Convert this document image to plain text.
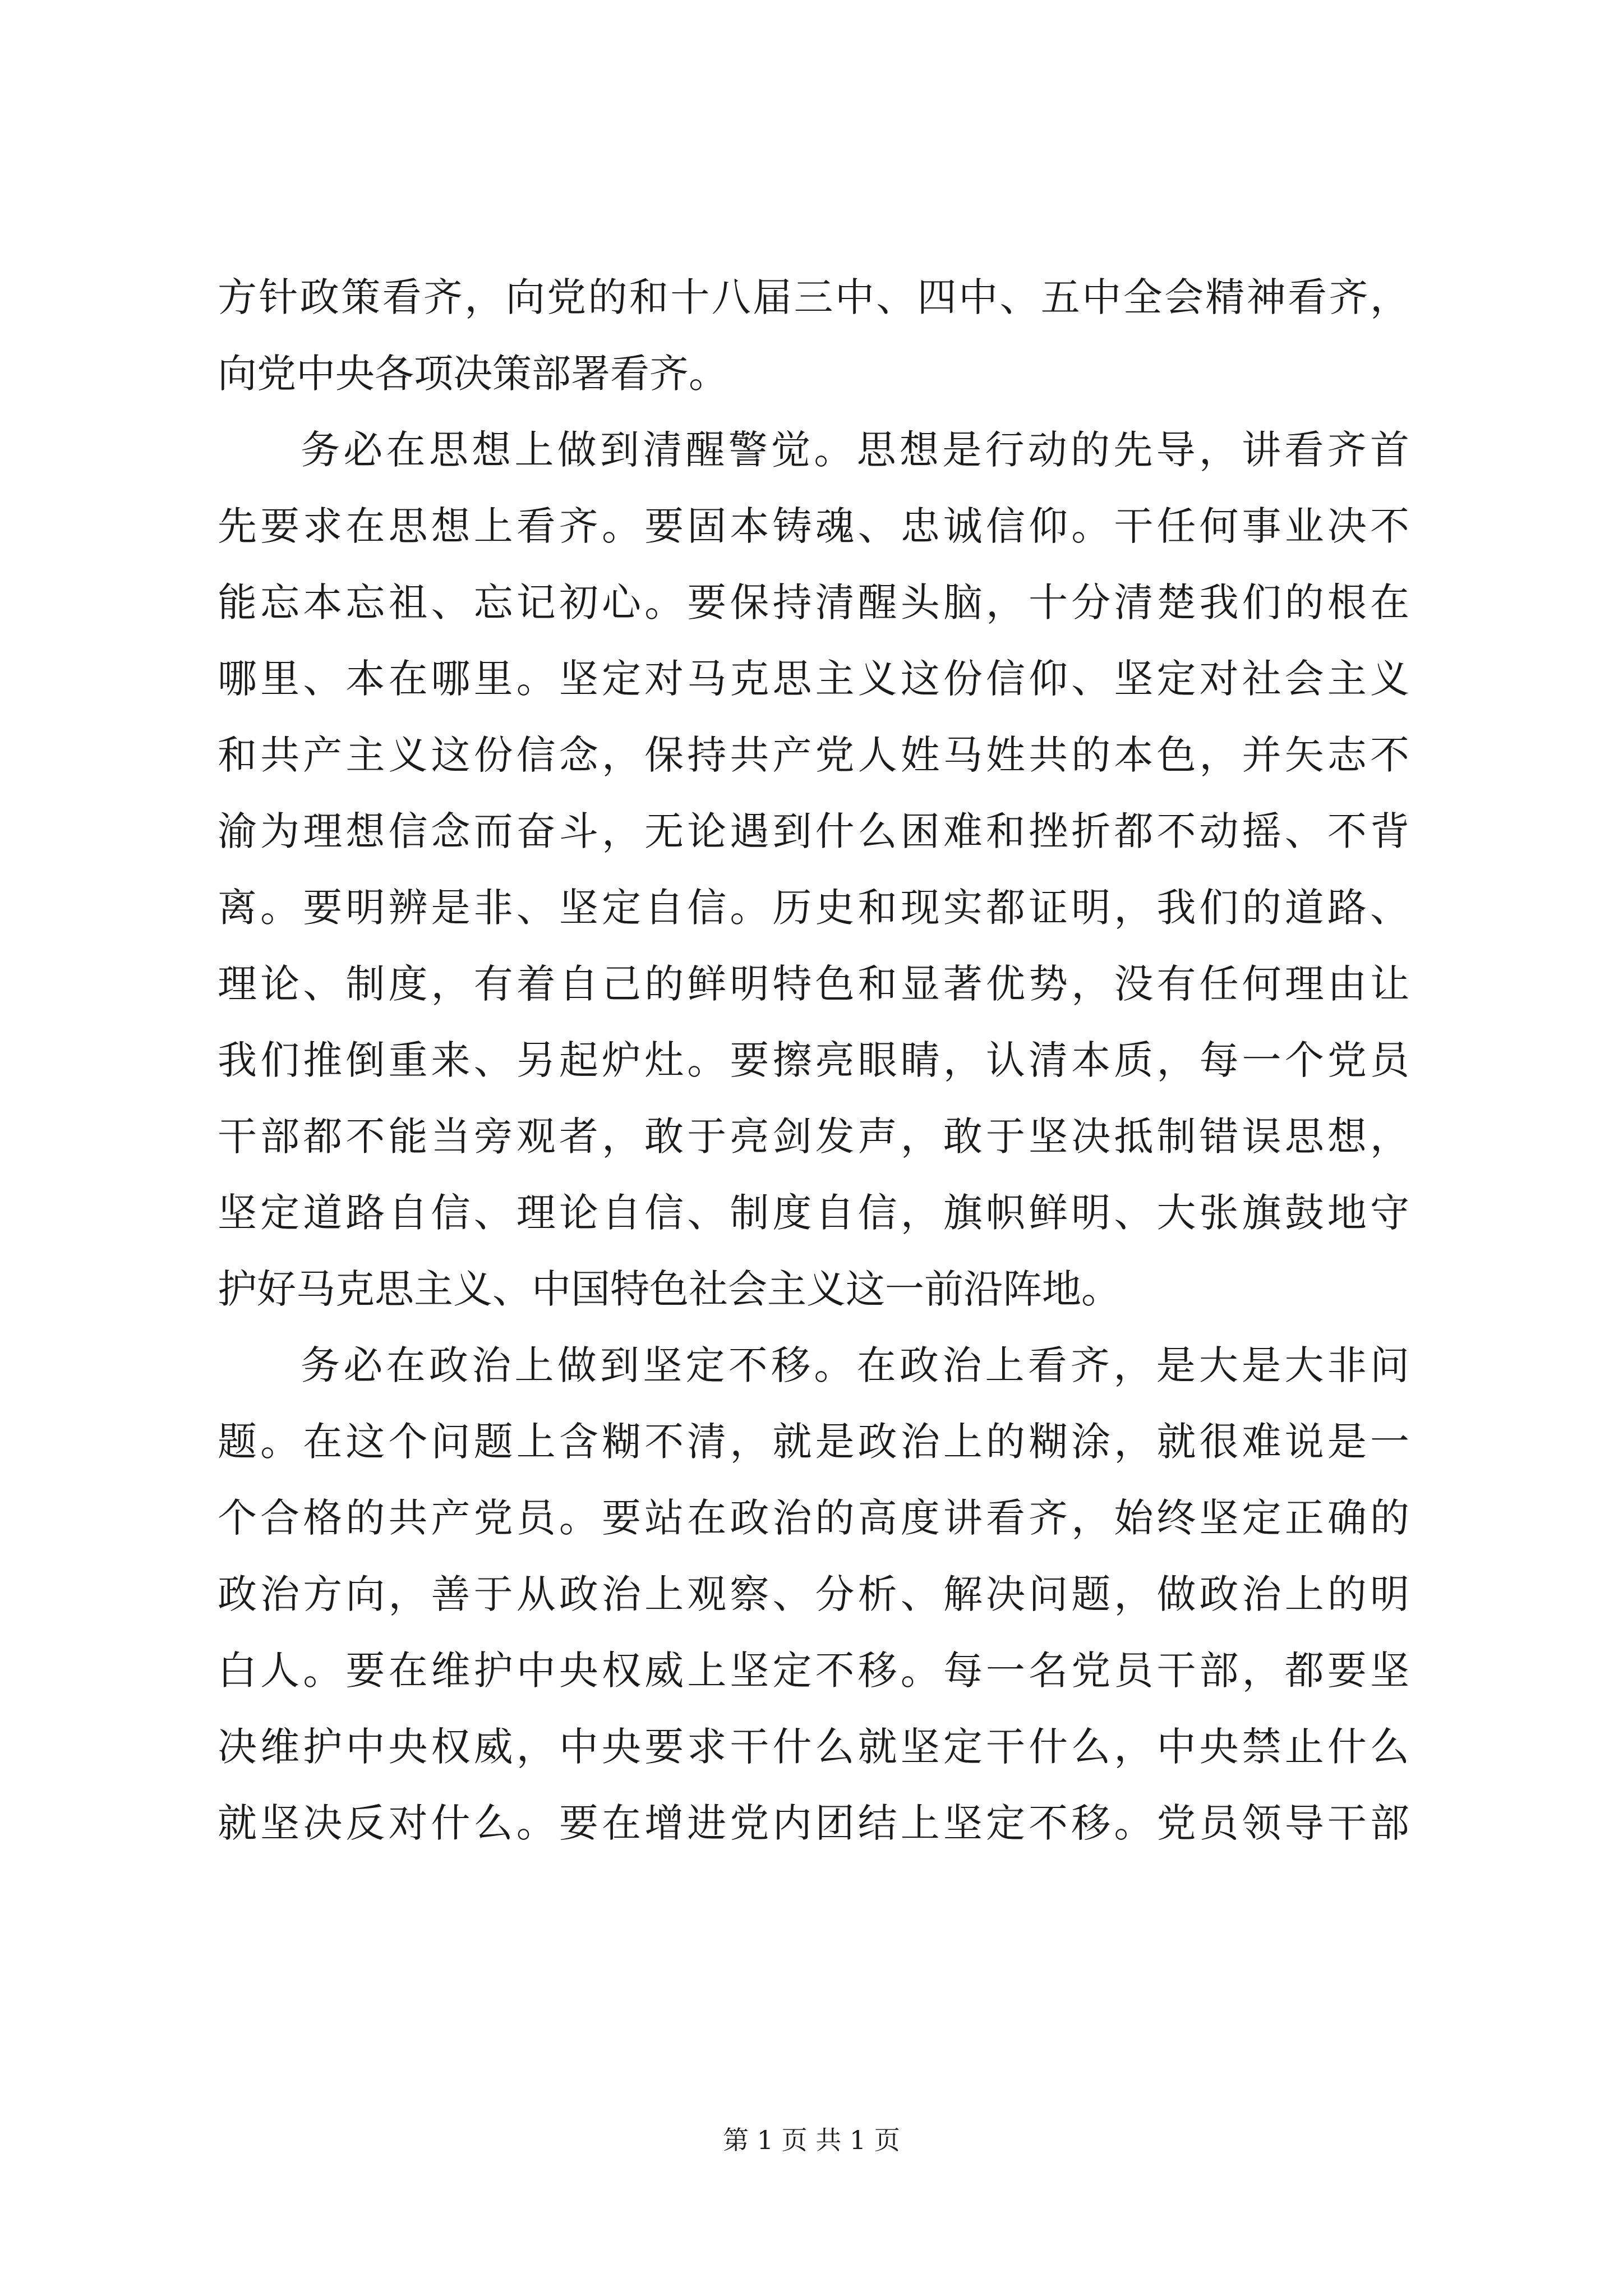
方针政策看齐，向党的和十八届三中、四中、五中全会精神看齐，
向党中央各项决策部署看齐。
务必在思想上做到清醒警觉。思想是行动的先导，讲看齐首
先要求在思想上看齐。要固本铸魂、忠诚信仰。干任何事业决不
能忘本忘祖、忘记初心。要保持清醒头脑，十分清楚我们的根在
哪里、本在哪里。坚定对马克思主义这份信仰、坚定对社会主义
和共产主义这份信念，保持共产党人姓马姓共的本色，并矢志不
渝为理想信念而奋斗，无论遇到什么困难和挫折都不动摇、不背
离。要明辨是非、坚定自信。历史和现实都证明，我们的道路、
理论、制度，有着自己的鲜明特色和显著优势，没有任何理由让
我们推倒重来、另起炉灶。要擦亮眼睛，认清本质，每一个党员
干部都不能当旁观者，敢于亮剑发声，敢于坚决抵制错误思想，
坚定道路自信、理论自信、制度自信，旗帜鲜明、大张旗鼓地守
护好马克思主义、中国特色社会主义这一前沿阵地。
务必在政治上做到坚定不移。在政治上看齐，是大是大非问
题。在这个问题上含糊不清，就是政治上的糊涂，就很难说是一
个合格的共产党员。要站在政治的高度讲看齐，始终坚定正确的
政治方向，善于从政治上观察、分析、解决问题，做政治上的明
白人。要在维护中央权威上坚定不移。每一名党员干部，都要坚
决维护中央权威，中央要求干什么就坚定干什么，中央禁止什么
就坚决反对什么。要在增进党内团结上坚定不移。党员领导干部
第 1 页 共 1 页
